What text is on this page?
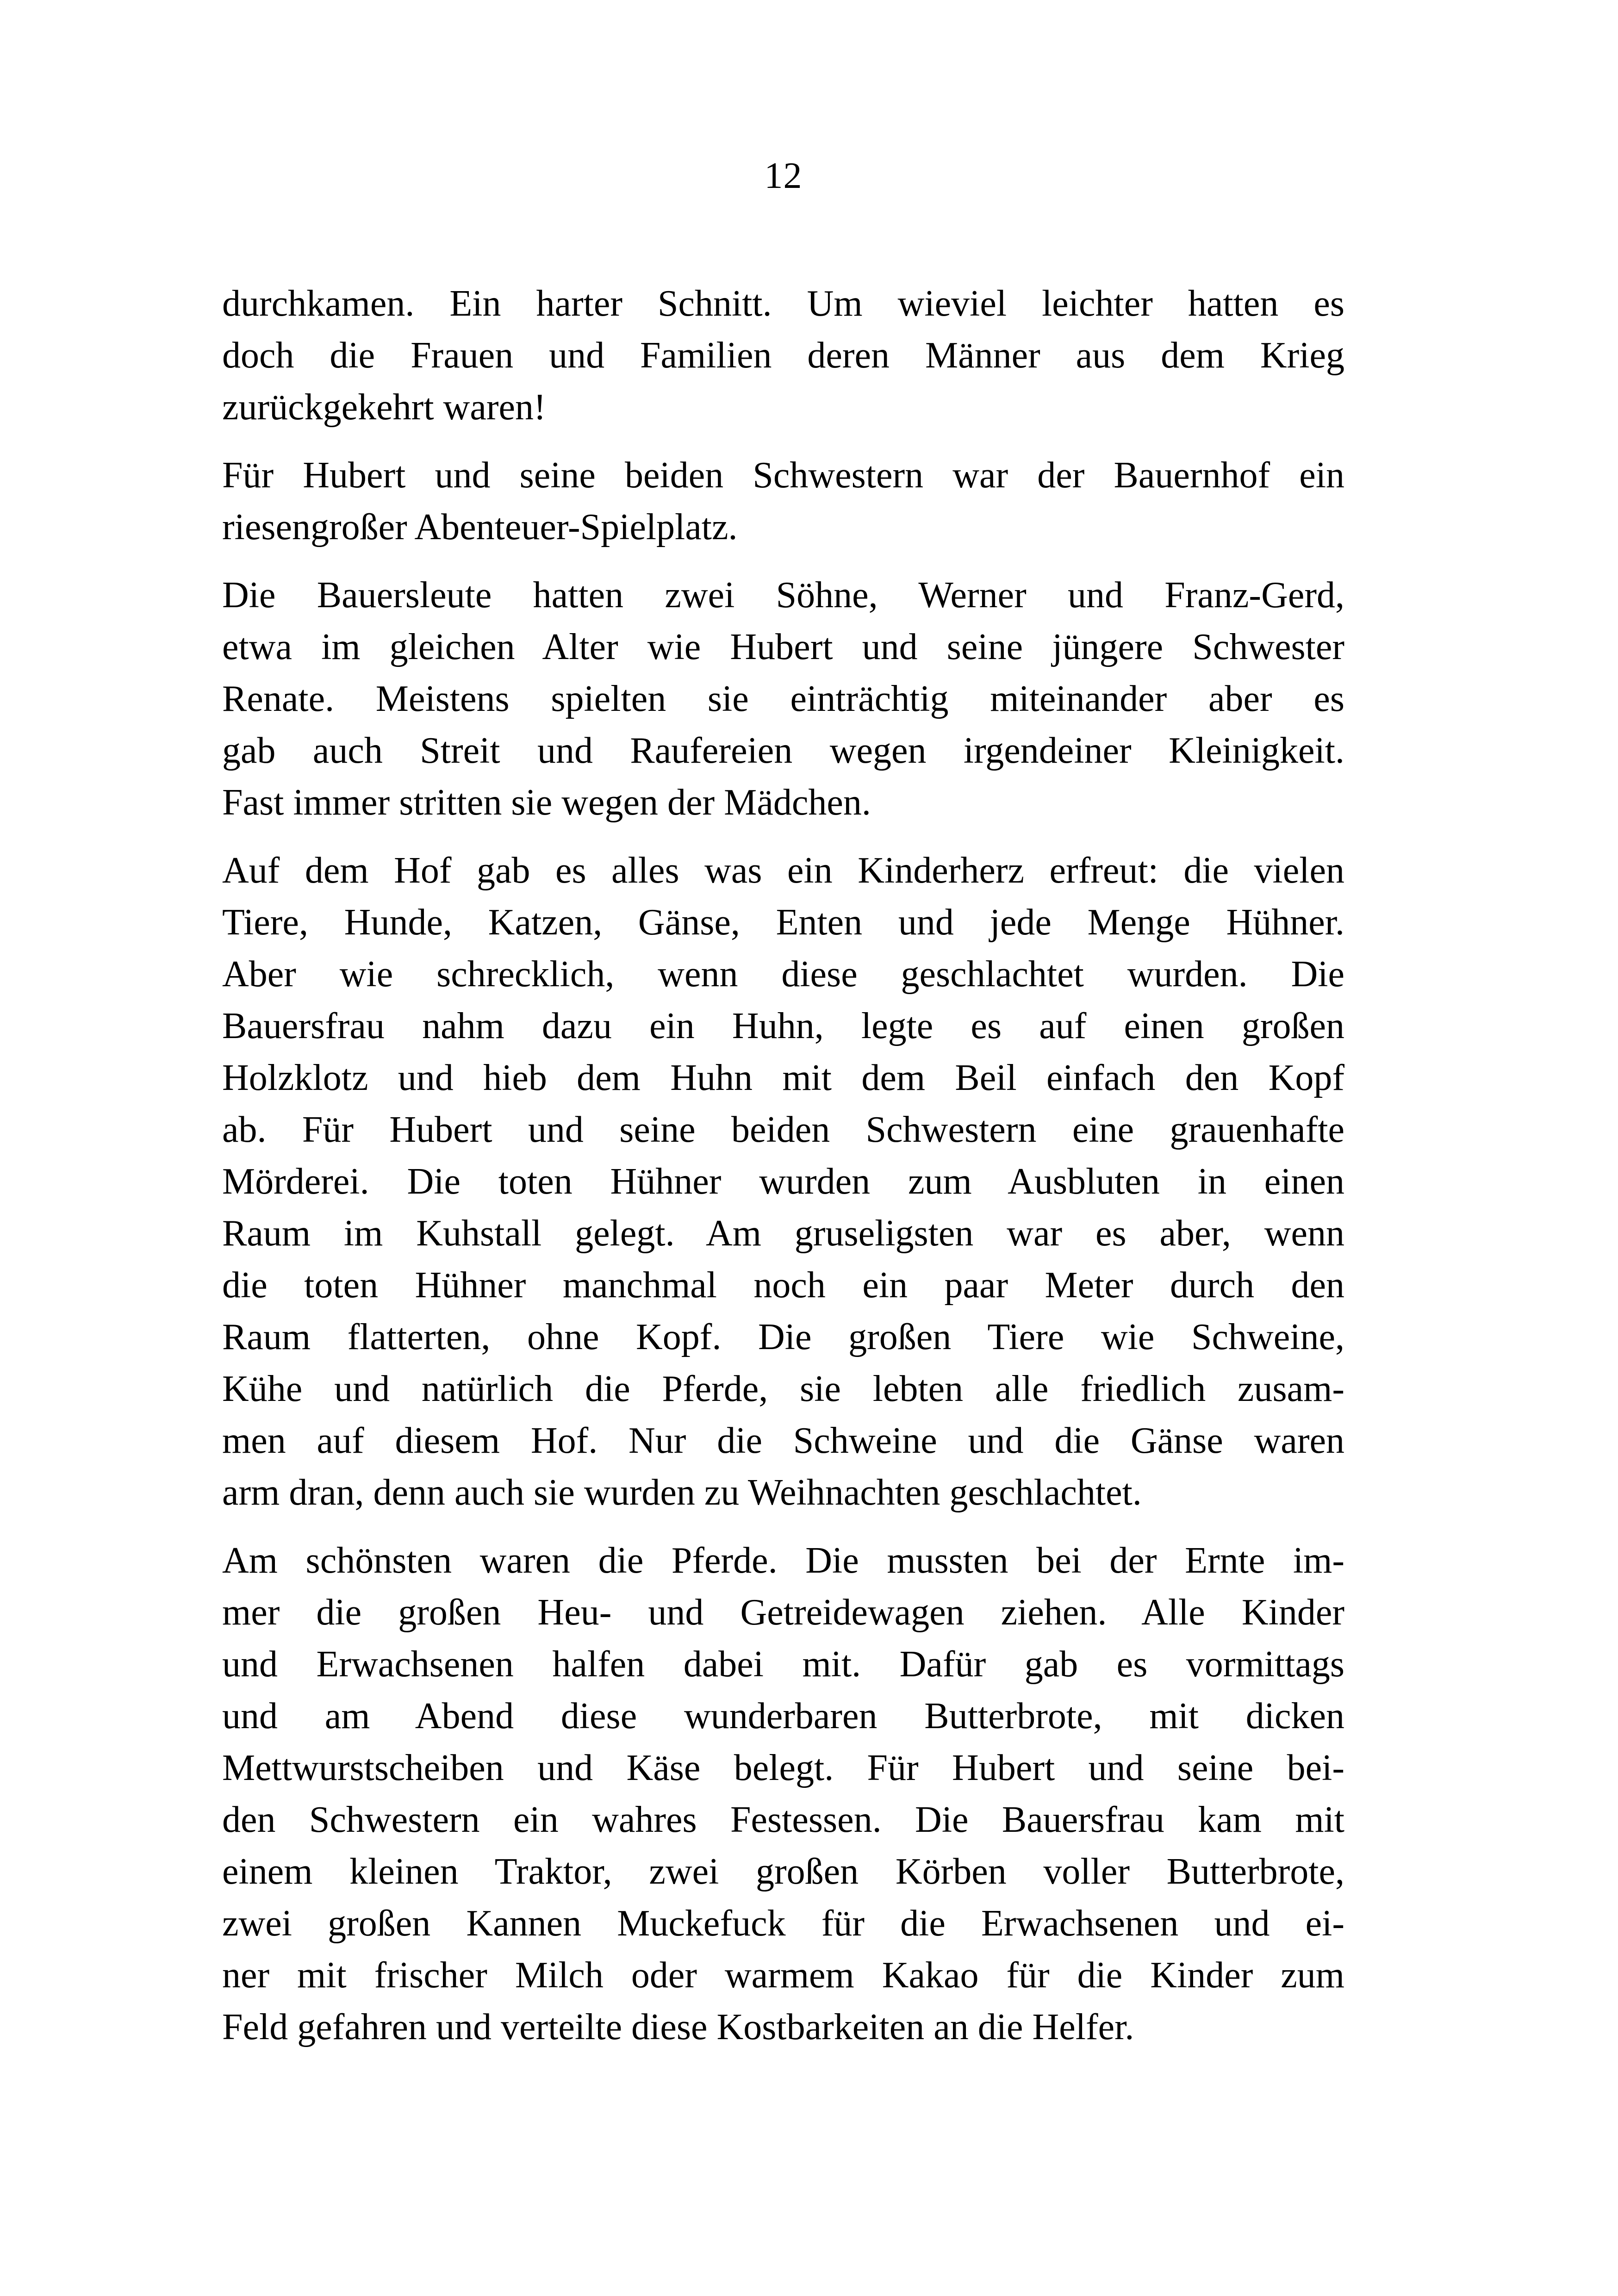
12

durchkamen. Ein harter Schnitt. Um wieviel leichter hatten es
doch die Frauen und Familien deren Männer aus dem Krieg
zurückgekehrt waren!

Für Hubert und seine beiden Schwestern war der Bauernhof ein
riesengroßer Abenteuer-Spielplatz.

Die Bauersleute hatten zwei Söhne, Werner und Franz-Gerd,
etwa im gleichen Alter wie Hubert und seine jüngere Schwester
Renate. Meistens spielten sie einträchtig miteinander aber es
gab auch Streit und Raufereien wegen irgendeiner Kleinigkeit.
Fast immer stritten sie wegen der Mädchen.

Auf dem Hof gab es alles was ein Kinderherz erfreut: die vielen
Tiere, Hunde, Katzen, Gänse, Enten und jede Menge Hühner.
Aber wie schrecklich, wenn diese geschlachtet wurden. Die
Bauersfrau nahm dazu ein Huhn, legte es auf einen großen
Holzklotz und hieb dem Huhn mit dem Beil einfach den Kopf
ab. Für Hubert und seine beiden Schwestern eine grauenhafte
Mörderei. Die toten Hühner wurden zum Ausbluten in einen
Raum im Kuhstall gelegt. Am gruseligsten war es aber, wenn
die toten Hühner manchmal noch ein paar Meter durch den
Raum flatterten, ohne Kopf. Die großen Tiere wie Schweine,
Kühe und natürlich die Pferde, sie lebten alle friedlich zusam-
men auf diesem Hof. Nur die Schweine und die Gänse waren
arm dran, denn auch sie wurden zu Weihnachten geschlachtet.

Am schönsten waren die Pferde. Die mussten bei der Ernte im-
mer die großen Heu- und Getreidewagen ziehen. Alle Kinder
und Erwachsenen halfen dabei mit. Dafür gab es vormittags
und am Abend diese wunderbaren Butterbrote, mit dicken
Mettwurstscheiben und Käse belegt. Für Hubert und seine bei-
den Schwestern ein wahres Festessen. Die Bauersfrau kam mit
einem kleinen Traktor, zwei großen Körben voller Butterbrote,
zwei großen Kannen Muckefuck für die Erwachsenen und ei-
ner mit frischer Milch oder warmem Kakao für die Kinder zum
Feld gefahren und verteilte diese Kostbarkeiten an die Helfer.
